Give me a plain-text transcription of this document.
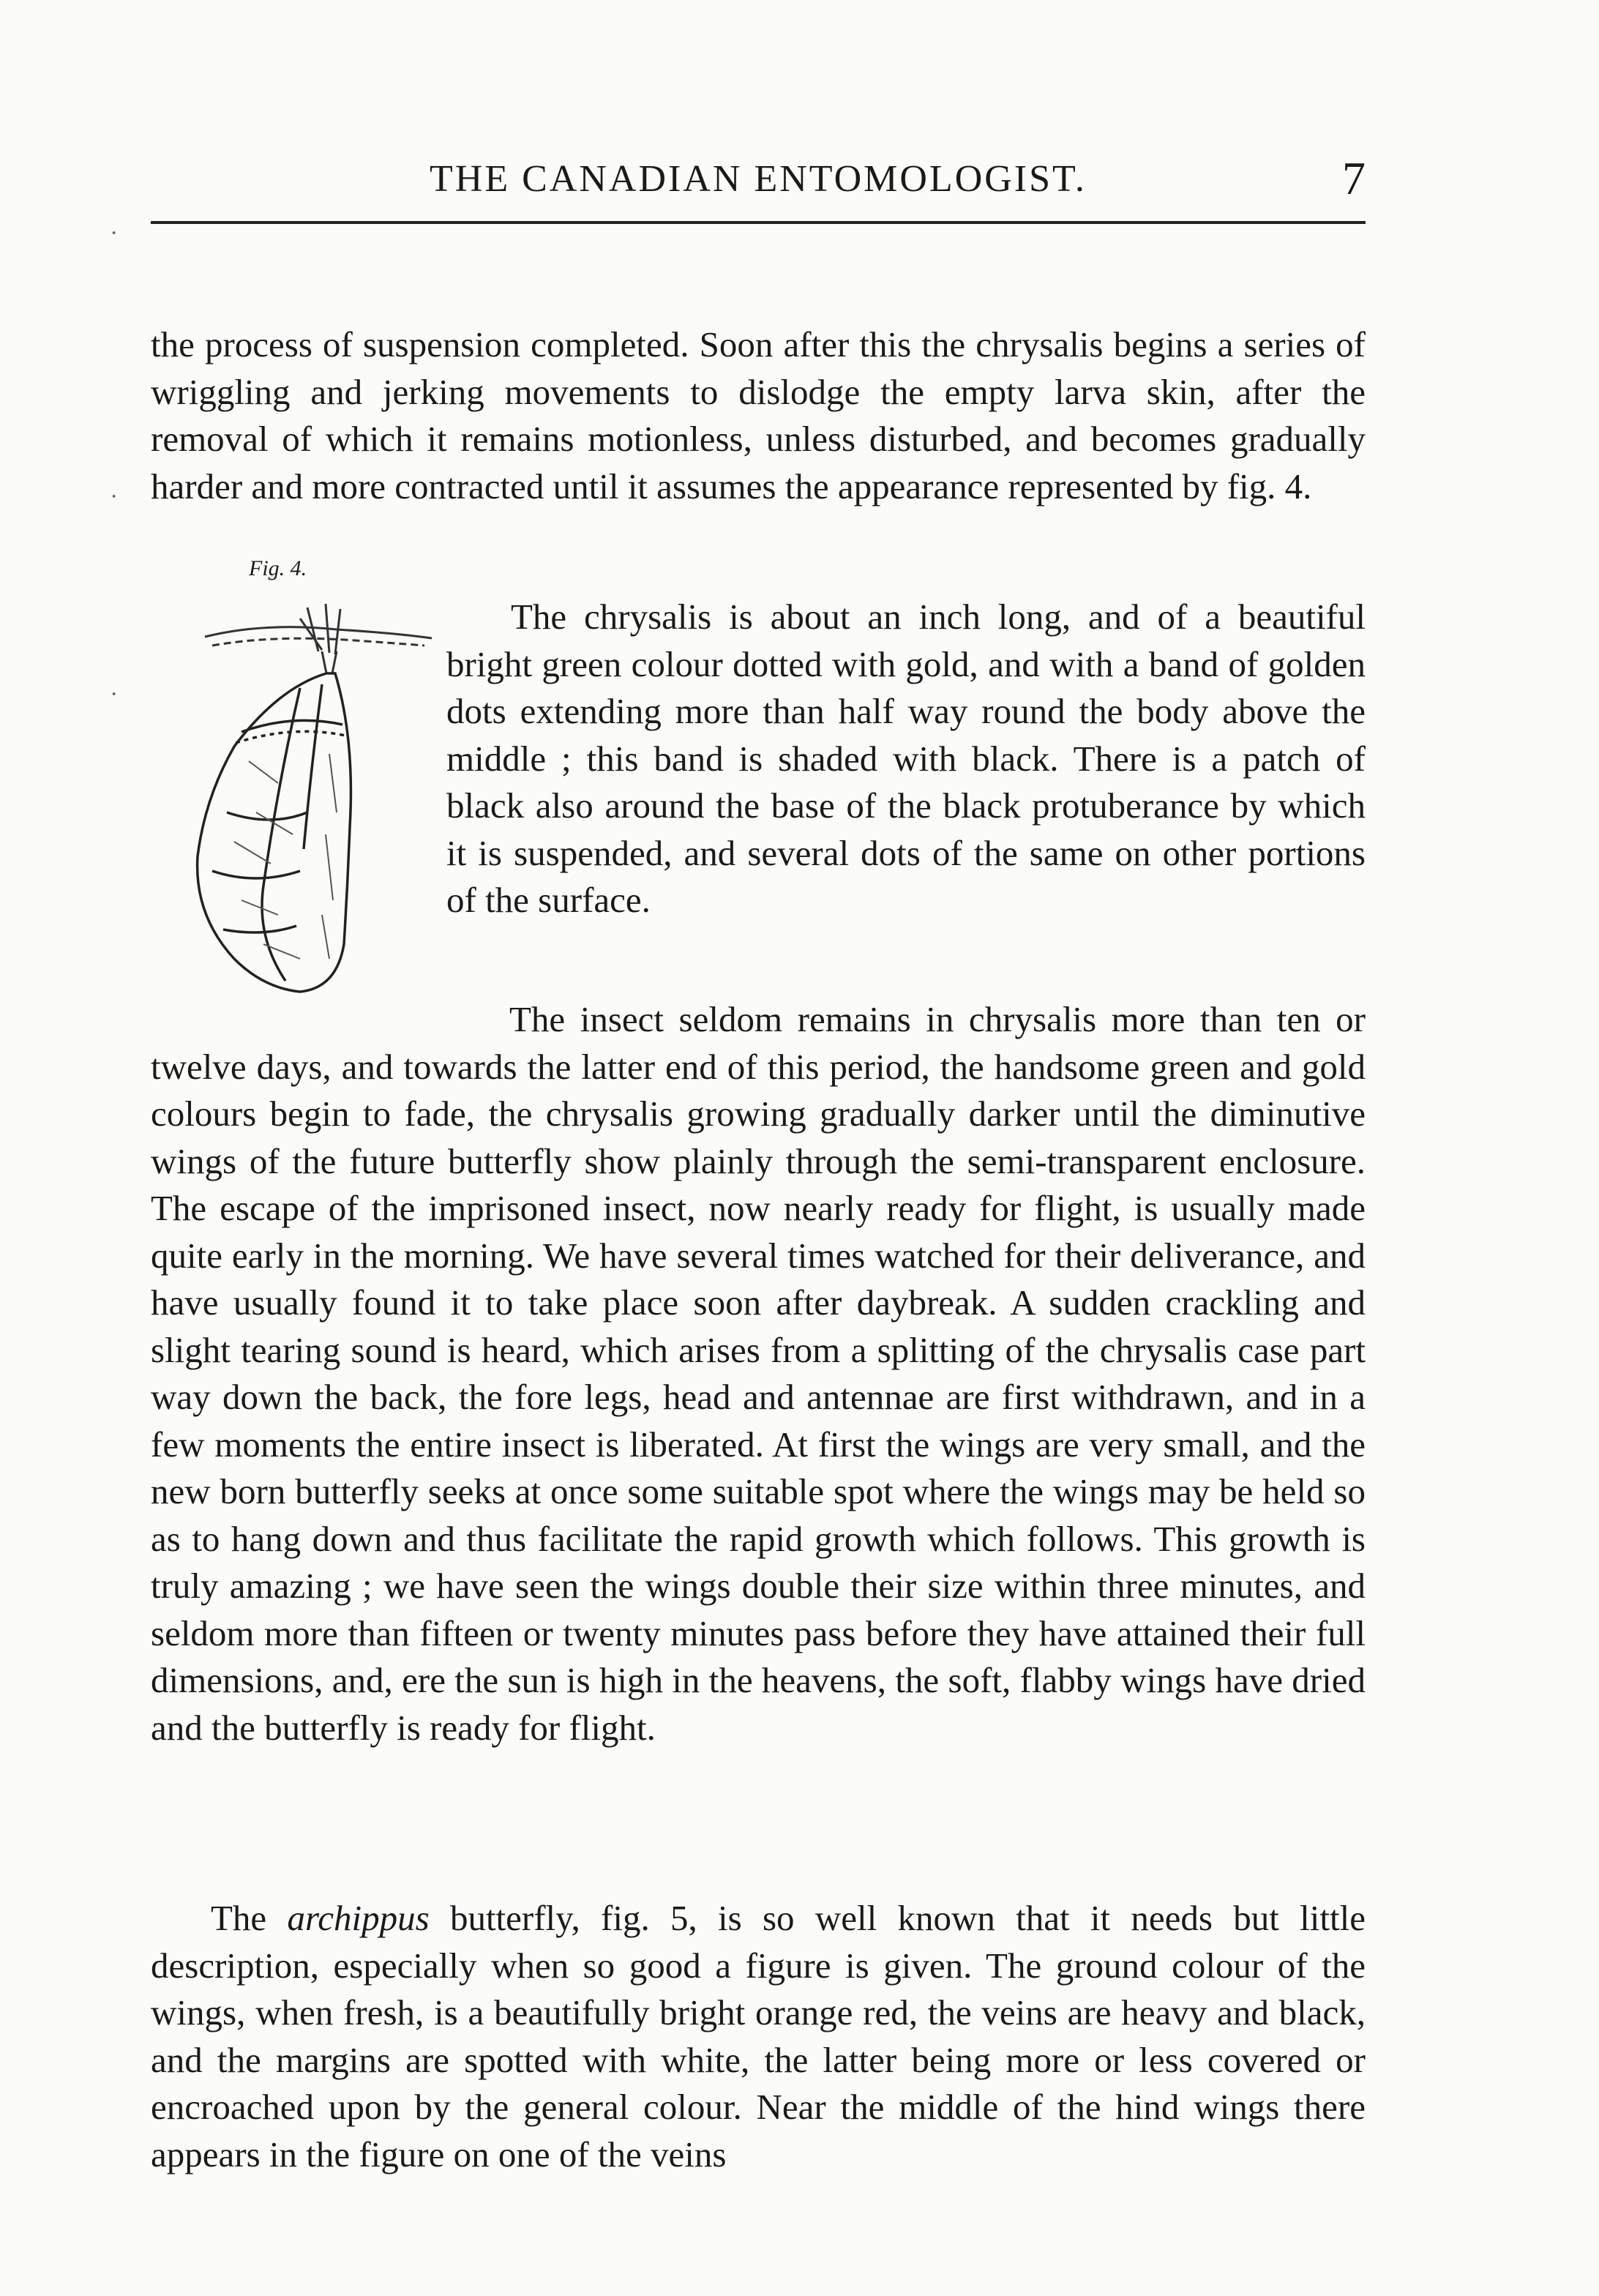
THE CANADIAN ENTOMOLOGIST.	7
·
·
·

the process of suspension completed. Soon after this the chrysalis begins a series of wriggling and jerking movements to dislodge the empty larva skin, after the removal of which it remains motionless, unless disturbed, and becomes gradually harder and more contracted until it assumes the appearance represented by fig. 4.

Fig. 4.

The chrysalis is about an inch long, and of a beautiful bright green colour dotted with gold, and with a band of golden dots extending more than half way round the body above the middle ; this band is shaded with black. There is a patch of black also around the base of the black protuberance by which it is suspended, and several dots of the same on other portions of the surface.

The insect seldom remains in chrysalis more than ten or twelve days, and towards the latter end of this period, the handsome green and gold colours begin to fade, the chrysalis growing gradually darker until the diminutive wings of the future butterfly show plainly through the semi-transparent enclosure. The escape of the imprisoned insect, now nearly ready for flight, is usually made quite early in the morning. We have several times watched for their deliverance, and have usually found it to take place soon after daybreak. A sudden crackling and slight tearing sound is heard, which arises from a splitting of the chrysalis case part way down the back, the fore legs, head and antennae are first withdrawn, and in a few moments the entire insect is liberated. At first the wings are very small, and the new born butterfly seeks at once some suitable spot where the wings may be held so as to hang down and thus facilitate the rapid growth which follows. This growth is truly amazing ; we have seen the wings double their size within three minutes, and seldom more than fifteen or twenty minutes pass before they have attained their full dimensions, and, ere the sun is high in the heavens, the soft, flabby wings have dried and the butterfly is ready for flight.

The archippus butterfly, fig. 5, is so well known that it needs but little description, especially when so good a figure is given. The ground colour of the wings, when fresh, is a beautifully bright orange red, the veins are heavy and black, and the margins are spotted with white, the latter being more or less covered or encroached upon by the general colour. Near the middle of the hind wings there appears in the figure on one of the veins
